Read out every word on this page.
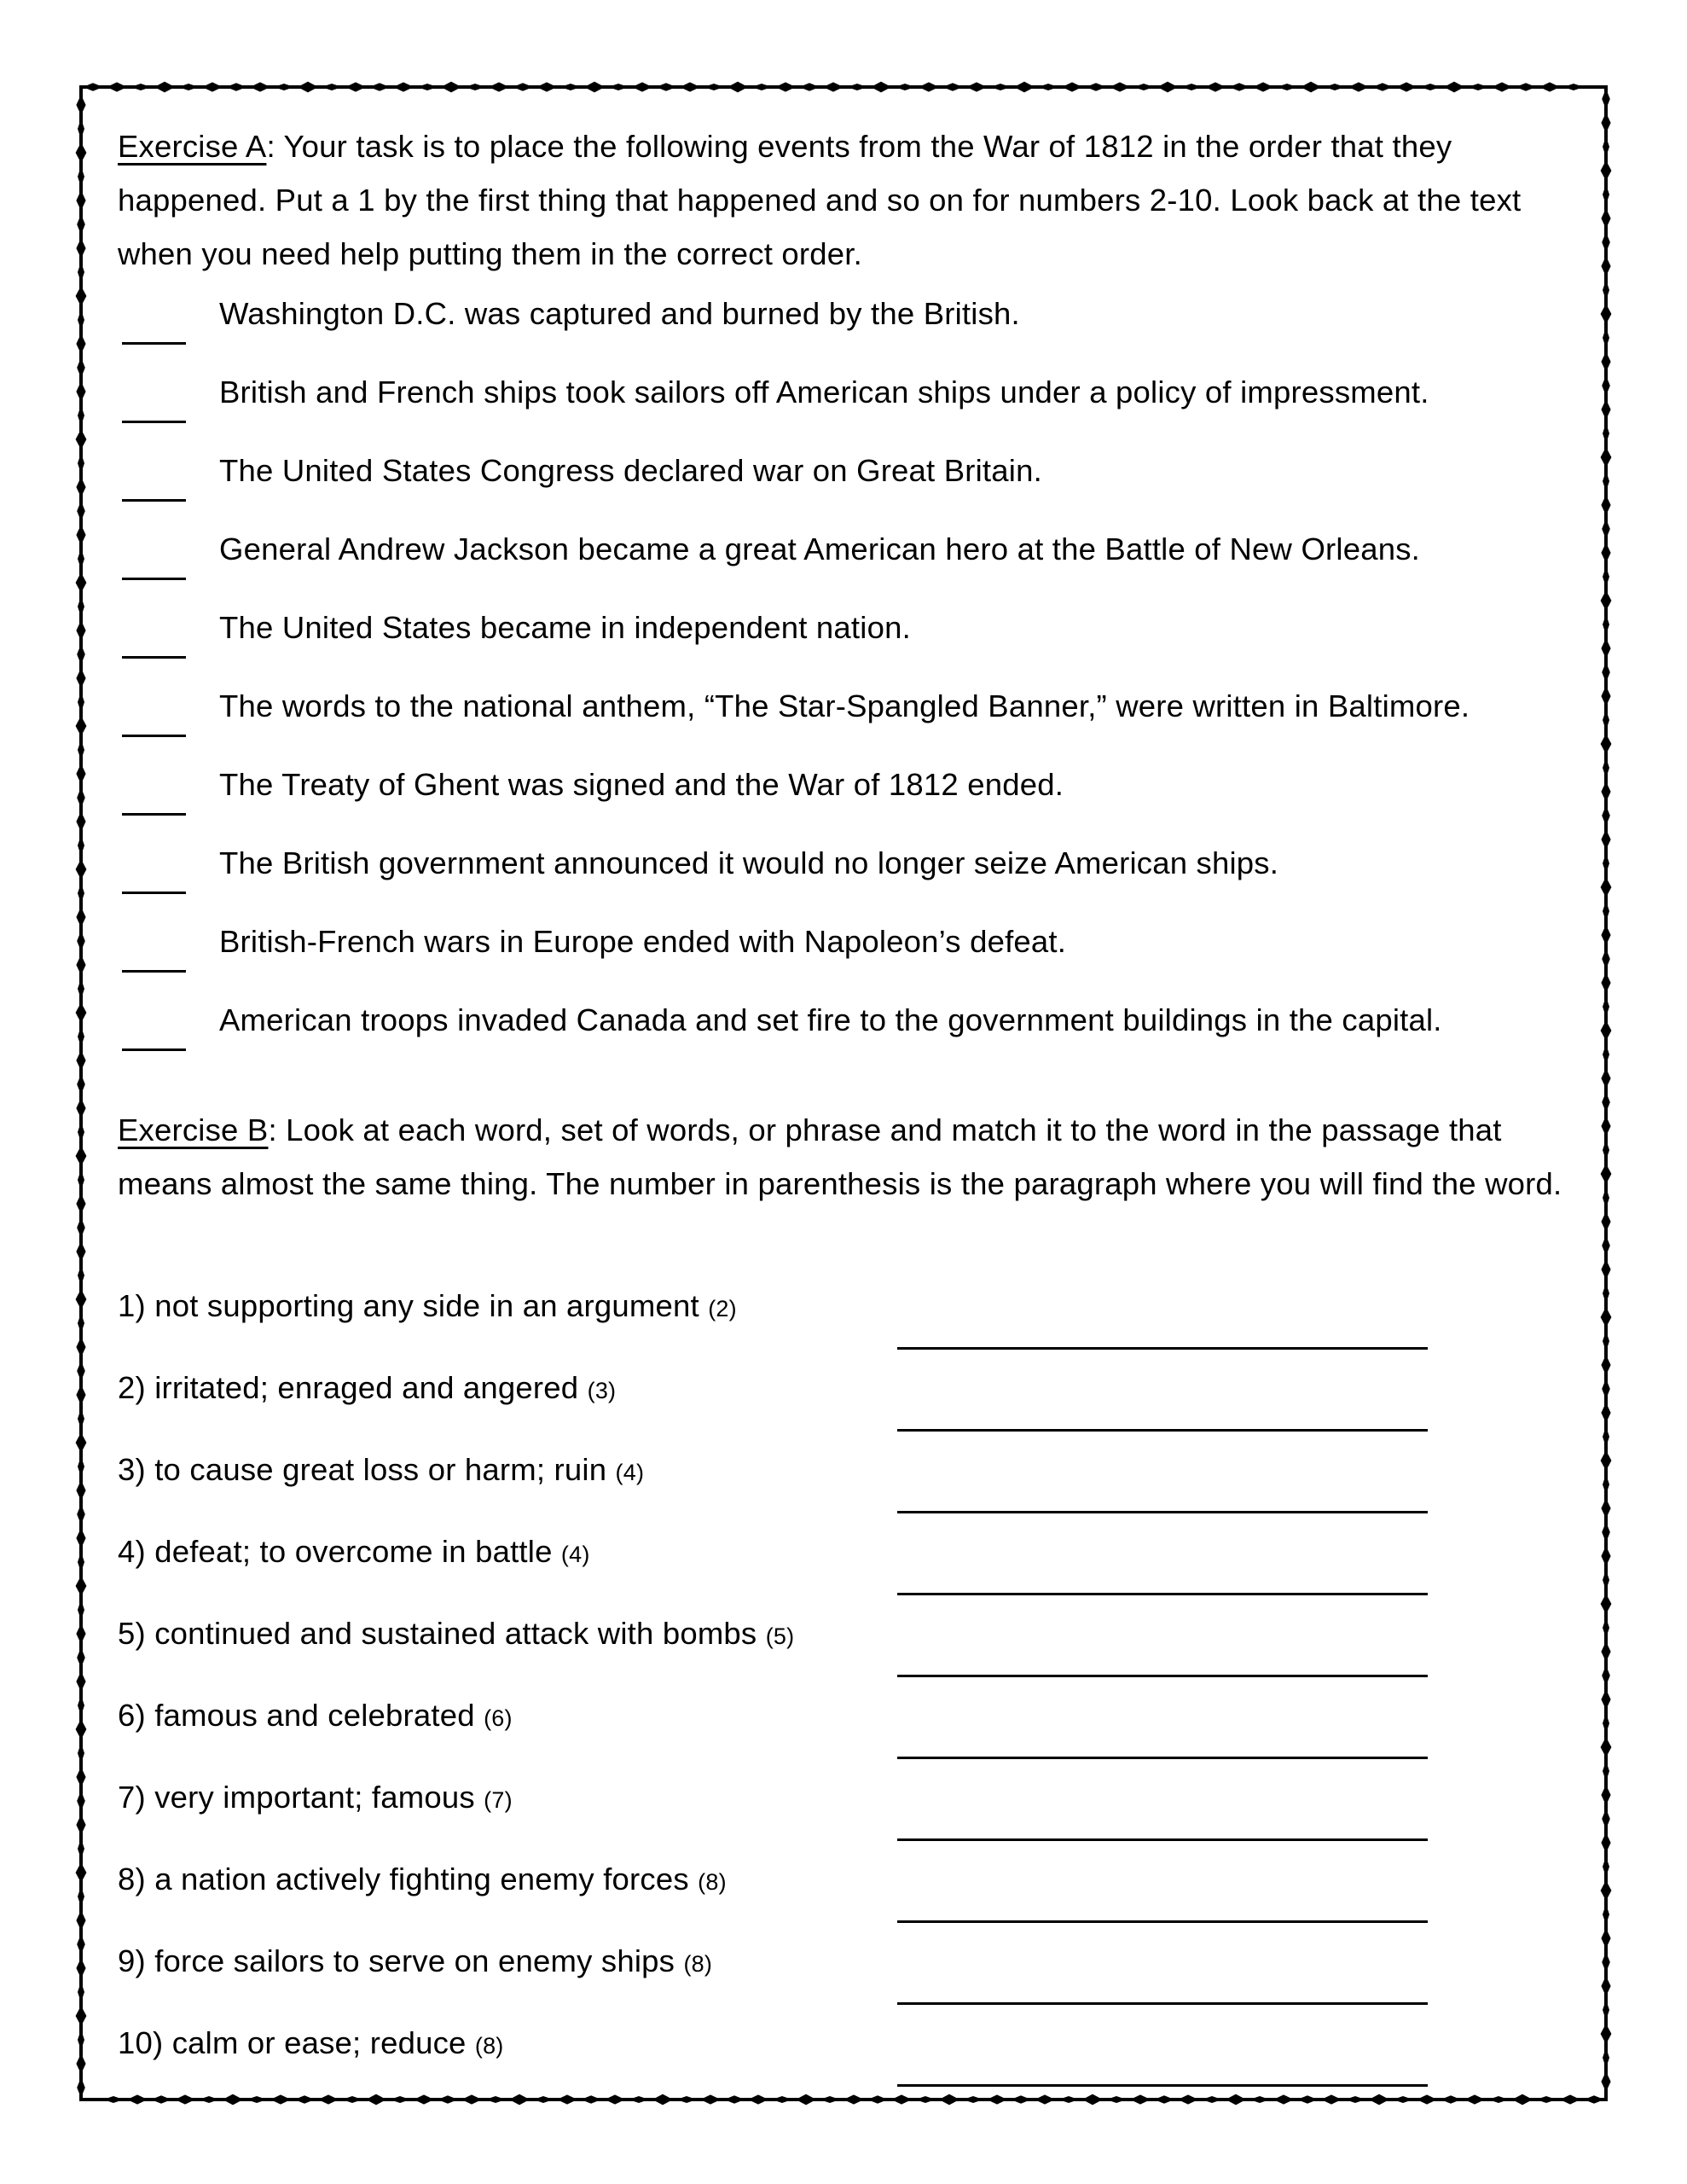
Exercise A: Your task is to place the following events from the War of 1812 in the order that they happened. Put a 1 by the first thing that happened and so on for numbers 2-10. Look back at the text when you need help putting them in the correct order.
Washington D.C. was captured and burned by the British.
British and French ships took sailors off American ships under a policy of impressment.
The United States Congress declared war on Great Britain.
General Andrew Jackson became a great American hero at the Battle of New Orleans.
The United States became in independent nation.
The words to the national anthem, “The Star-Spangled Banner,” were written in Baltimore.
The Treaty of Ghent was signed and the War of 1812 ended.
The British government announced it would no longer seize American ships.
British-French wars in Europe ended with Napoleon’s defeat.
American troops invaded Canada and set fire to the government buildings in the capital.
Exercise B: Look at each word, set of words, or phrase and match it to the word in the passage that means almost the same thing. The number in parenthesis is the paragraph where you will find the word.
1) not supporting any side in an argument (2)
2) irritated; enraged and angered (3)
3) to cause great loss or harm; ruin (4)
4) defeat; to overcome in battle (4)
5) continued and sustained attack with bombs (5)
6) famous and celebrated (6)
7) very important; famous (7)
8) a nation actively fighting enemy forces (8)
9) force sailors to serve on enemy ships (8)
10) calm or ease; reduce (8)
